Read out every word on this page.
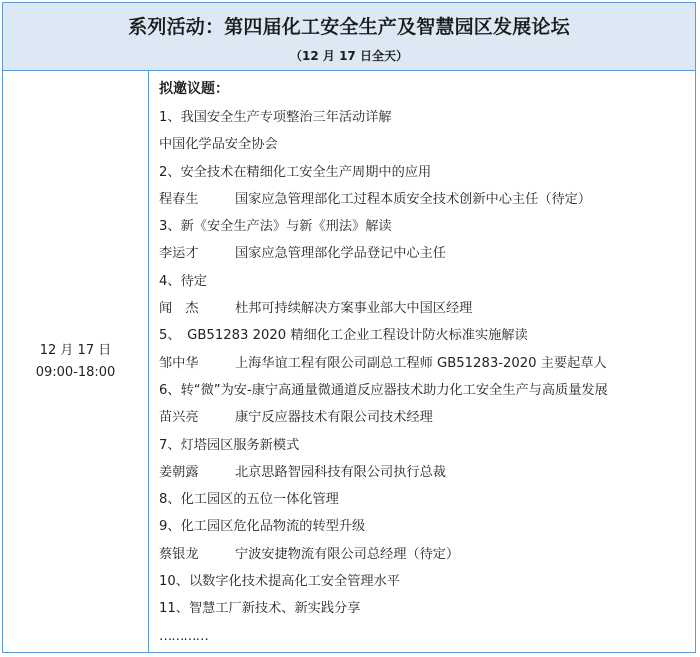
系列活动：第四届化工安全生产及智慧园区发展论坛
（12 月 17 日全天）
12 月 17 日
09:00-18:00
拟邀议题：
1、我国安全生产专项整治三年活动详解
中国化学品安全协会
2、安全技术在精细化工安全生产周期中的应用
程春生	国家应急管理部化工过程本质安全技术创新中心主任（待定）
3、新《安全生产法》与新《刑法》解读
李运才	国家应急管理部化学品登记中心主任
4、待定
闻　杰	杜邦可持续解决方案事业部大中国区经理
5、　GB51283 2020 精细化工企业工程设计防火标准实施解读
邹中华	上海华谊工程有限公司副总工程师 GB51283-2020 主要起草人
6、转“微”为安-康宁高通量微通道反应器技术助力化工安全生产与高质量发展
苗兴亮	康宁反应器技术有限公司技术经理
7、灯塔园区服务新模式
姜朝露	北京思路智园科技有限公司执行总裁
8、化工园区的五位一体化管理
9、化工园区危化品物流的转型升级
蔡银龙	宁波安捷物流有限公司总经理（待定）
10、以数字化技术提高化工安全管理水平
11、智慧工厂新技术、新实践分享
…………
